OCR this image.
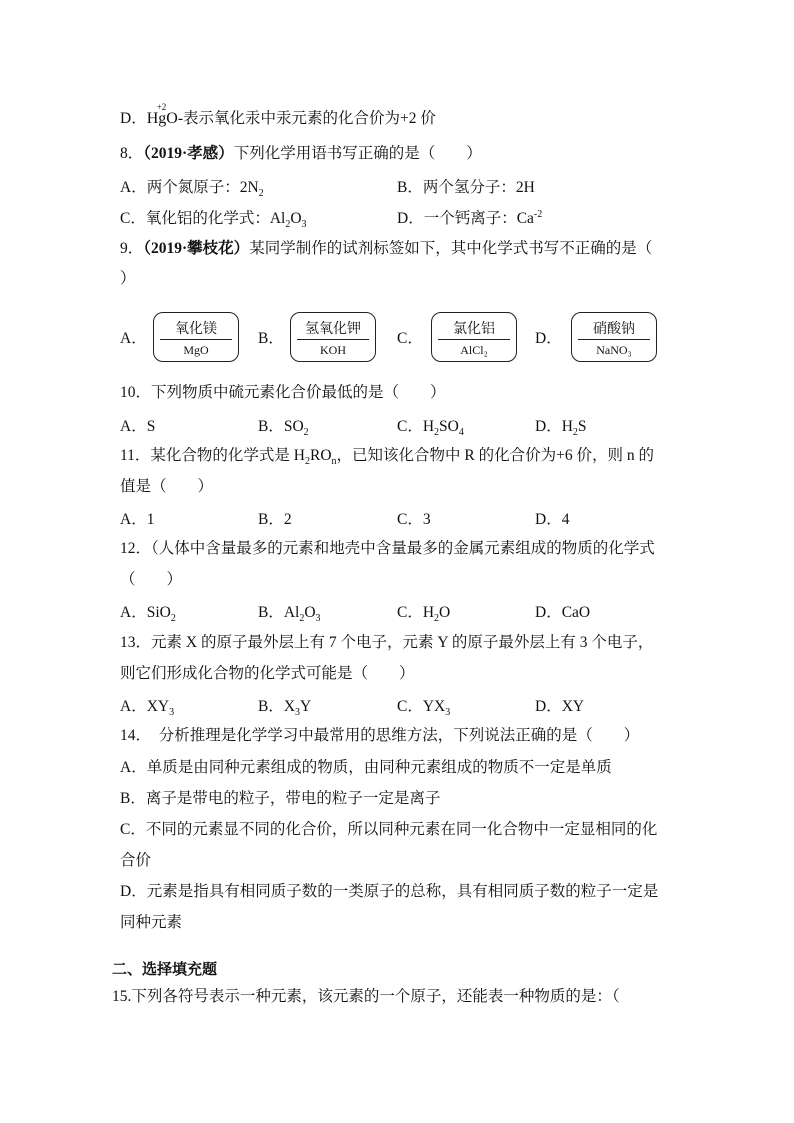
D．
+2
HgO-表示氧化汞中汞元素的化合价为+2 价
8．（2019·孝感）下列化学用语书写正确的是（　　）
A．两个氮原子：$2N_2$	B．两个氢分子：2H
C．氧化铝的化学式：$Al_2O_3$	D．一个钙离子：$Ca^{-2}$
9．（2019·攀枝花）某同学制作的试剂标签如下，其中化学式书写不正确的是（
）
A．
氧化镁
MgO
B．
氢氧化钾
KOH
C．
氯化铝
AlCl₂
D．
硝酸钠
NaNO₃
10．下列物质中硫元素化合价最低的是（　　）
A．S	B．$SO_2$	C．$H_2SO_4$	D．$H_2S$
11．某化合物的化学式是 $H_2RO_n$，已知该化合物中 R 的化合价为+6 价，则 n 的
值是（　　）
A．1	B．2	C．3	D．4
12．（人体中含量最多的元素和地壳中含量最多的金属元素组成的物质的化学式
（　　）
A．SiO$_2$	B．$Al_2O_3$	C．$H_2O$	D．CaO
13．元素 X 的原子最外层上有 7 个电子，元素 Y 的原子最外层上有 3 个电子，
则它们形成化合物的化学式可能是（　　）
A．$XY_3$	B．$X_3Y$	C．$YX_3$	D．XY
14．　分析推理是化学学习中最常用的思维方法，下列说法正确的是（　　）
A．单质是由同种元素组成的物质，由同种元素组成的物质不一定是单质
B．离子是带电的粒子，带电的粒子一定是离子
C．不同的元素显不同的化合价，所以同种元素在同一化合物中一定显相同的化
合价
D．元素是指具有相同质子数的一类原子的总称，具有相同质子数的粒子一定是
同种元素
二、选择填充题
15.下列各符号表示一种元素，该元素的一个原子，还能表一种物质的是：（
